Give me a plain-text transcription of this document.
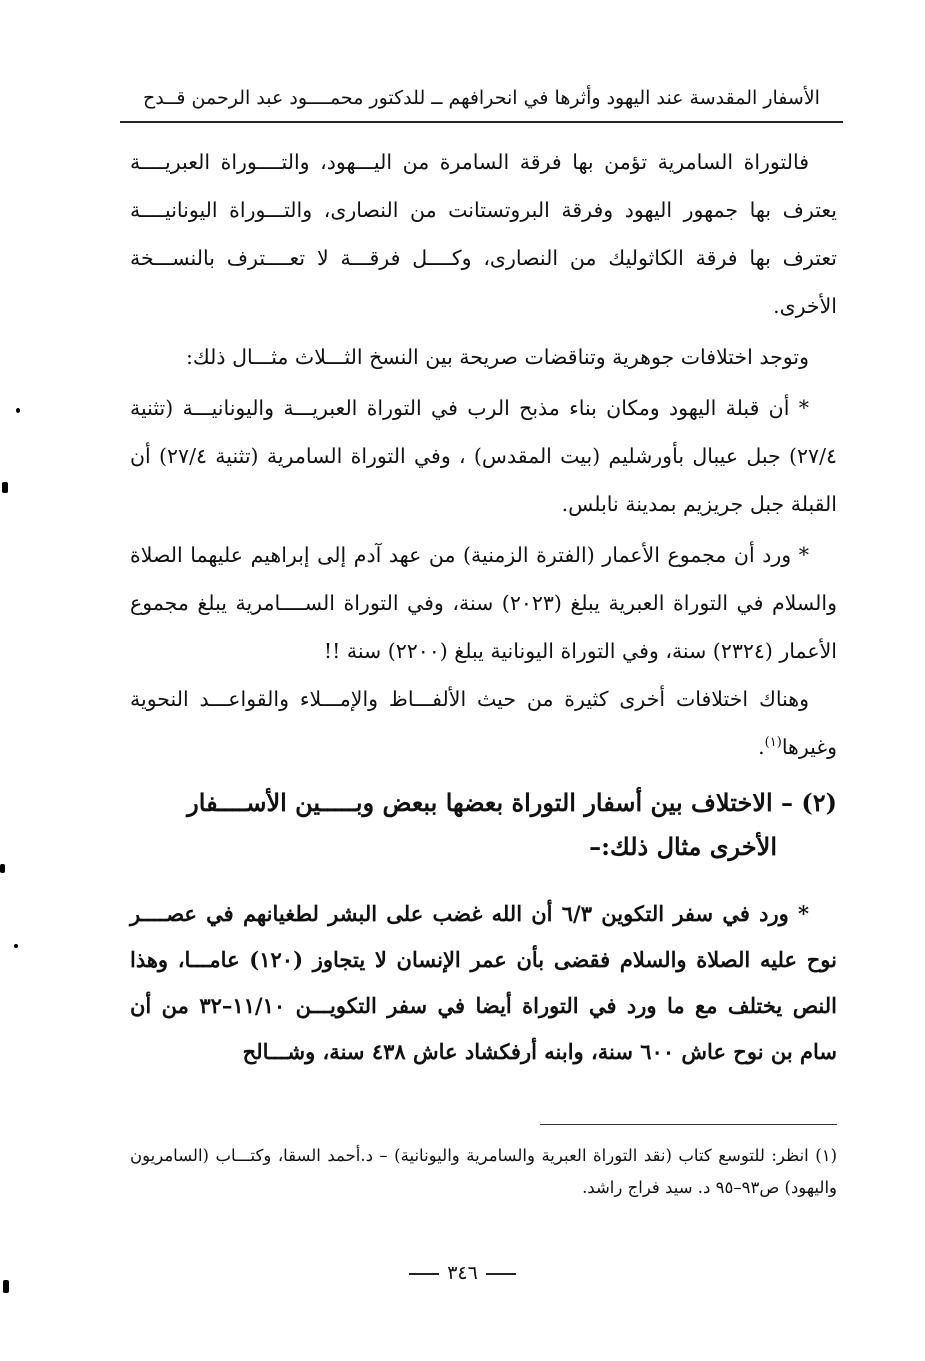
الأسفار المقدسة عند اليهود وأثرها في انحرافهم ــ للدكتور محمــــود عبد الرحمن قــدح

فالتوراة السامرية تؤمن بها فرقة السامرة من اليـــهود، والتــــوراة العبريــــة يعترف بها جمهور اليهود وفرقة البروتستانت من النصارى، والتـــوراة اليونانيــــة تعترف بها فرقة الكاثوليك من النصارى، وكــــل فرقـــة لا تعــــترف بالنســـخة الأخرى.

وتوجد اختلافات جوهرية وتناقضات صريحة بين النسخ الثـــلاث مثـــال ذلك:

* أن قبلة اليهود ومكان بناء مذبح الرب في التوراة العبريـــة واليونانيـــة (تثنية ٢٧/٤) جبل عيبال بأورشليم (بيت المقدس) ، وفي التوراة السامرية (تثنية ٢٧/٤) أن القبلة جبل جريزيم بمدينة نابلس.

* ورد أن مجموع الأعمار (الفترة الزمنية) من عهد آدم إلى إبراهيم عليهما الصلاة والسلام في التوراة العبرية يبلغ (٢٠٢٣) سنة، وفي التوراة الســــامرية يبلغ مجموع الأعمار (٢٣٢٤) سنة، وفي التوراة اليونانية يبلغ (٢٢٠٠) سنة !!

وهناك اختلافات أخرى كثيرة من حيث الألفـــاظ والإمـــلاء والقواعـــد النحوية وغيرها$^{(١)}$.

(٢) – الاختلاف بين أسفار التوراة بعضها ببعض وبـــــين الأســــفار
الأخرى مثال ذلك:–

* ورد في سفر التكوين ٦/٣ أن الله غضب على البشر لطغيانهم في عصــــر نوح عليه الصلاة والسلام فقضى بأن عمر الإنسان لا يتجاوز (١٢٠) عامـــا، وهذا النص يختلف مع ما ورد في التوراة أيضا في سفر التكويـــن ١١/١٠–٣٢ من أن سام بن نوح عاش ٦٠٠ سنة، وابنه أرفكشاد عاش ٤٣٨ سنة، وشـــالح

(١) انظر: للتوسع كتاب (نقد التوراة العبرية والسامرية واليونانية) – د.أحمد السقا، وكتـــاب (السامريون واليهود) ص٩٣–٩٥ د. سيد فراج راشد.

٣٤٦
